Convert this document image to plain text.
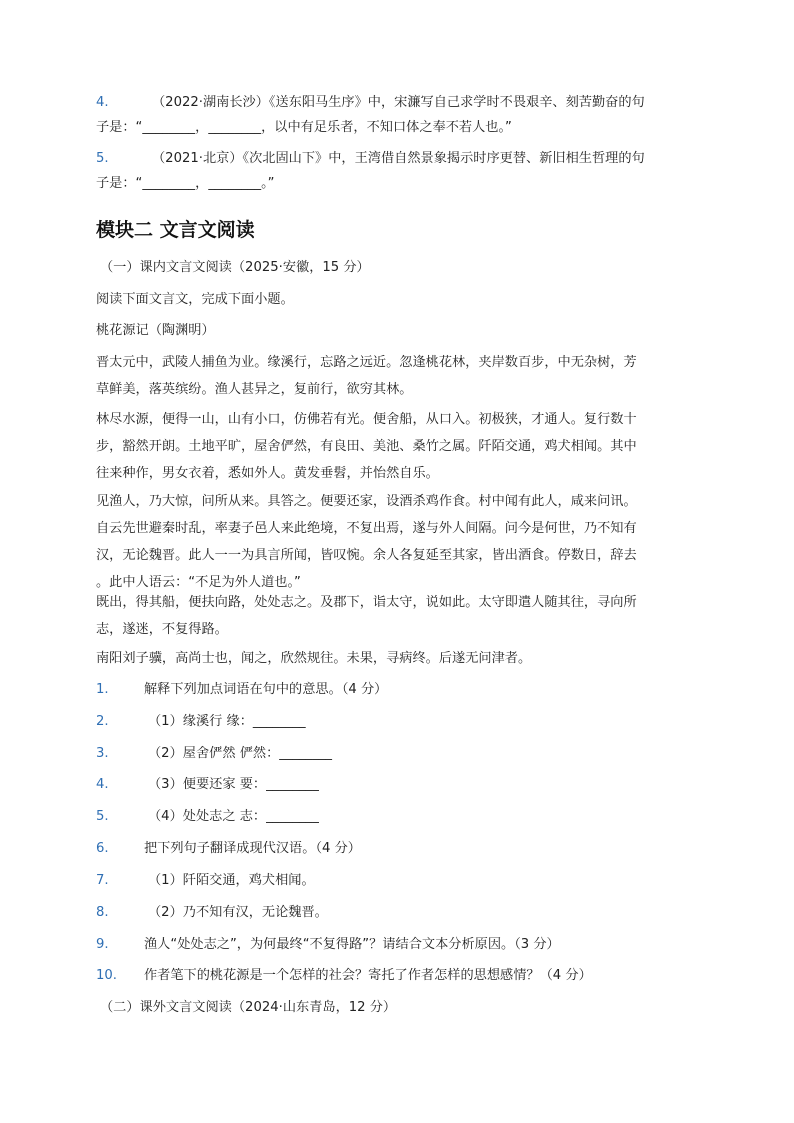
4.	（2022·湖南长沙）《送东阳马生序》中，宋濂写自己求学时不畏艰辛、刻苦勤奋的句
子是：“________，________，以中有足乐者，不知口体之奉不若人也。”
5.	（2021·北京）《次北固山下》中，王湾借自然景象揭示时序更替、新旧相生哲理的句
子是：“________，________。”
模块二 文言文阅读
（一）课内文言文阅读（2025·安徽，15 分）
阅读下面文言文，完成下面小题。
桃花源记（陶渊明）
晋太元中，武陵人捕鱼为业。缘溪行，忘路之远近。忽逢桃花林，夹岸数百步，中无杂树，芳
草鲜美，落英缤纷。渔人甚异之，复前行，欲穷其林。
林尽水源，便得一山，山有小口，仿佛若有光。便舍船，从口入。初极狭，才通人。复行数十
步，豁然开朗。土地平旷，屋舍俨然，有良田、美池、桑竹之属。阡陌交通，鸡犬相闻。其中
往来种作，男女衣着，悉如外人。黄发垂髫，并怡然自乐。
见渔人，乃大惊，问所从来。具答之。便要还家，设酒杀鸡作食。村中闻有此人，咸来问讯。
自云先世避秦时乱，率妻子邑人来此绝境，不复出焉，遂与外人间隔。问今是何世，乃不知有
汉，无论魏晋。此人一一为具言所闻，皆叹惋。余人各复延至其家，皆出酒食。停数日，辞去
。此中人语云：“不足为外人道也。”
既出，得其船，便扶向路，处处志之。及郡下，诣太守，说如此。太守即遣人随其往，寻向所
志，遂迷，不复得路。
南阳刘子骥，高尚士也，闻之，欣然规往。未果，寻病终。后遂无问津者。
1.	解释下列加点词语在句中的意思。（4 分）
2.	（1）缘溪行 缘：________
3.	（2）屋舍俨然 俨然：________
4.	（3）便要还家 要：________
5.	（4）处处志之 志：________
6.	把下列句子翻译成现代汉语。（4 分）
7.	（1）阡陌交通，鸡犬相闻。
8.	（2）乃不知有汉，无论魏晋。
9.	渔人“处处志之”，为何最终“不复得路”？请结合文本分析原因。（3 分）
10. 作者笔下的桃花源是一个怎样的社会？寄托了作者怎样的思想感情？（4 分）
（二）课外文言文阅读（2024·山东青岛，12 分）
